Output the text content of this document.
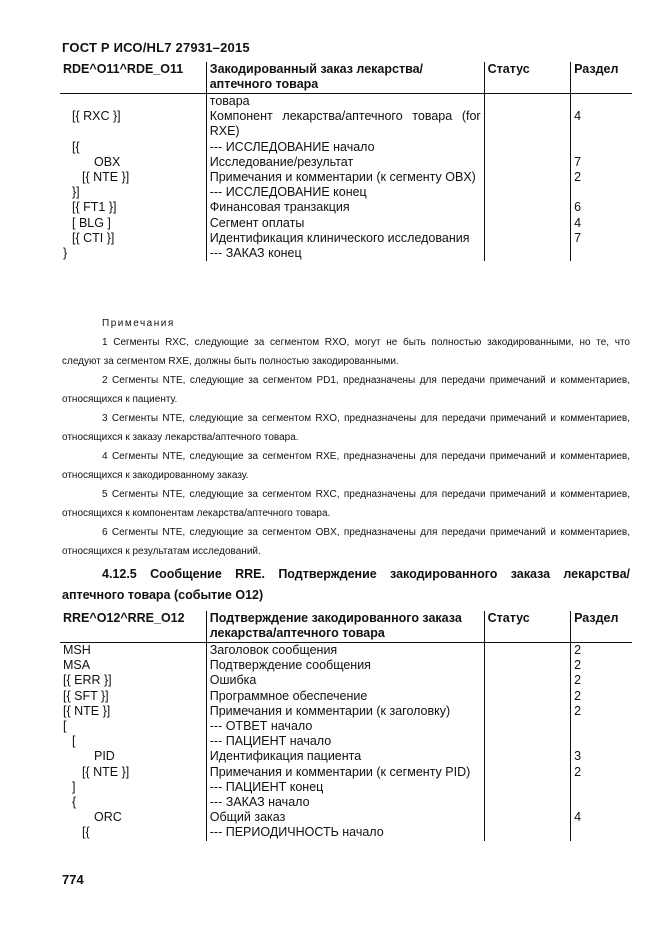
ГОСТ Р ИСО/HL7 27931–2015
RDE^O11^RDE_O11	Закодированный заказ лекарства/аптечного товара	Статус	Раздел
	товара		
[{ RXC }]	Компонент лекарства/аптечного товара (for RXE)		4
[{	--- ИССЛЕДОВАНИЕ начало		
OBX	Исследование/результат		7
[{ NTE }]	Примечания и комментарии (к сегменту OBX)		2
}]	--- ИССЛЕДОВАНИЕ конец		
[{ FT1 }]	Финансовая транзакция		6
[ BLG ]	Сегмент оплаты		4
[{ CTI }]	Идентификация клинического исследования		7
}	--- ЗАКАЗ конец		
Примечания

1 Сегменты RXC, следующие за сегментом RXO, могут не быть полностью закодированными, но те, что следуют за сегментом RXE, должны быть полностью закодированными.

2 Сегменты NTE, следующие за сегментом PD1, предназначены для передачи примечаний и комментариев, относящихся к пациенту.

3 Сегменты NTE, следующие за сегментом RXO, предназначены для передачи примечаний и комментариев, относящихся к заказу лекарства/аптечного товара.

4 Сегменты NTE, следующие за сегментом RXE, предназначены для передачи примечаний и комментариев, относящихся к закодированному заказу.

5 Сегменты NTE, следующие за сегментом RXC, предназначены для передачи примечаний и комментариев, относящихся к компонентам лекарства/аптечного товара.

6 Сегменты NTE, следующие за сегментом OBX, предназначены для передачи примечаний и комментариев, относящихся к результатам исследований.

4.12.5 Сообщение RRE. Подтверждение закодированного заказа лекарства/аптечного товара (событие O12)
RRE^O12^RRE_O12	Подтверждение закодированного заказа лекарства/аптечного товара	Статус	Раздел
MSH	Заголовок сообщения		2
MSA	Подтверждение сообщения		2
[{ ERR }]	Ошибка		2
[{ SFT }]	Программное обеспечение		2
[{ NTE }]	Примечания и комментарии (к заголовку)		2
[	--- ОТВЕТ начало		
[	--- ПАЦИЕНТ начало		
PID	Идентификация пациента		3
[{ NTE }]	Примечания и комментарии (к сегменту PID)		2
]	--- ПАЦИЕНТ конец		
{	--- ЗАКАЗ начало		
ORC	Общий заказ		4
[{	--- ПЕРИОДИЧНОСТЬ начало		
774
